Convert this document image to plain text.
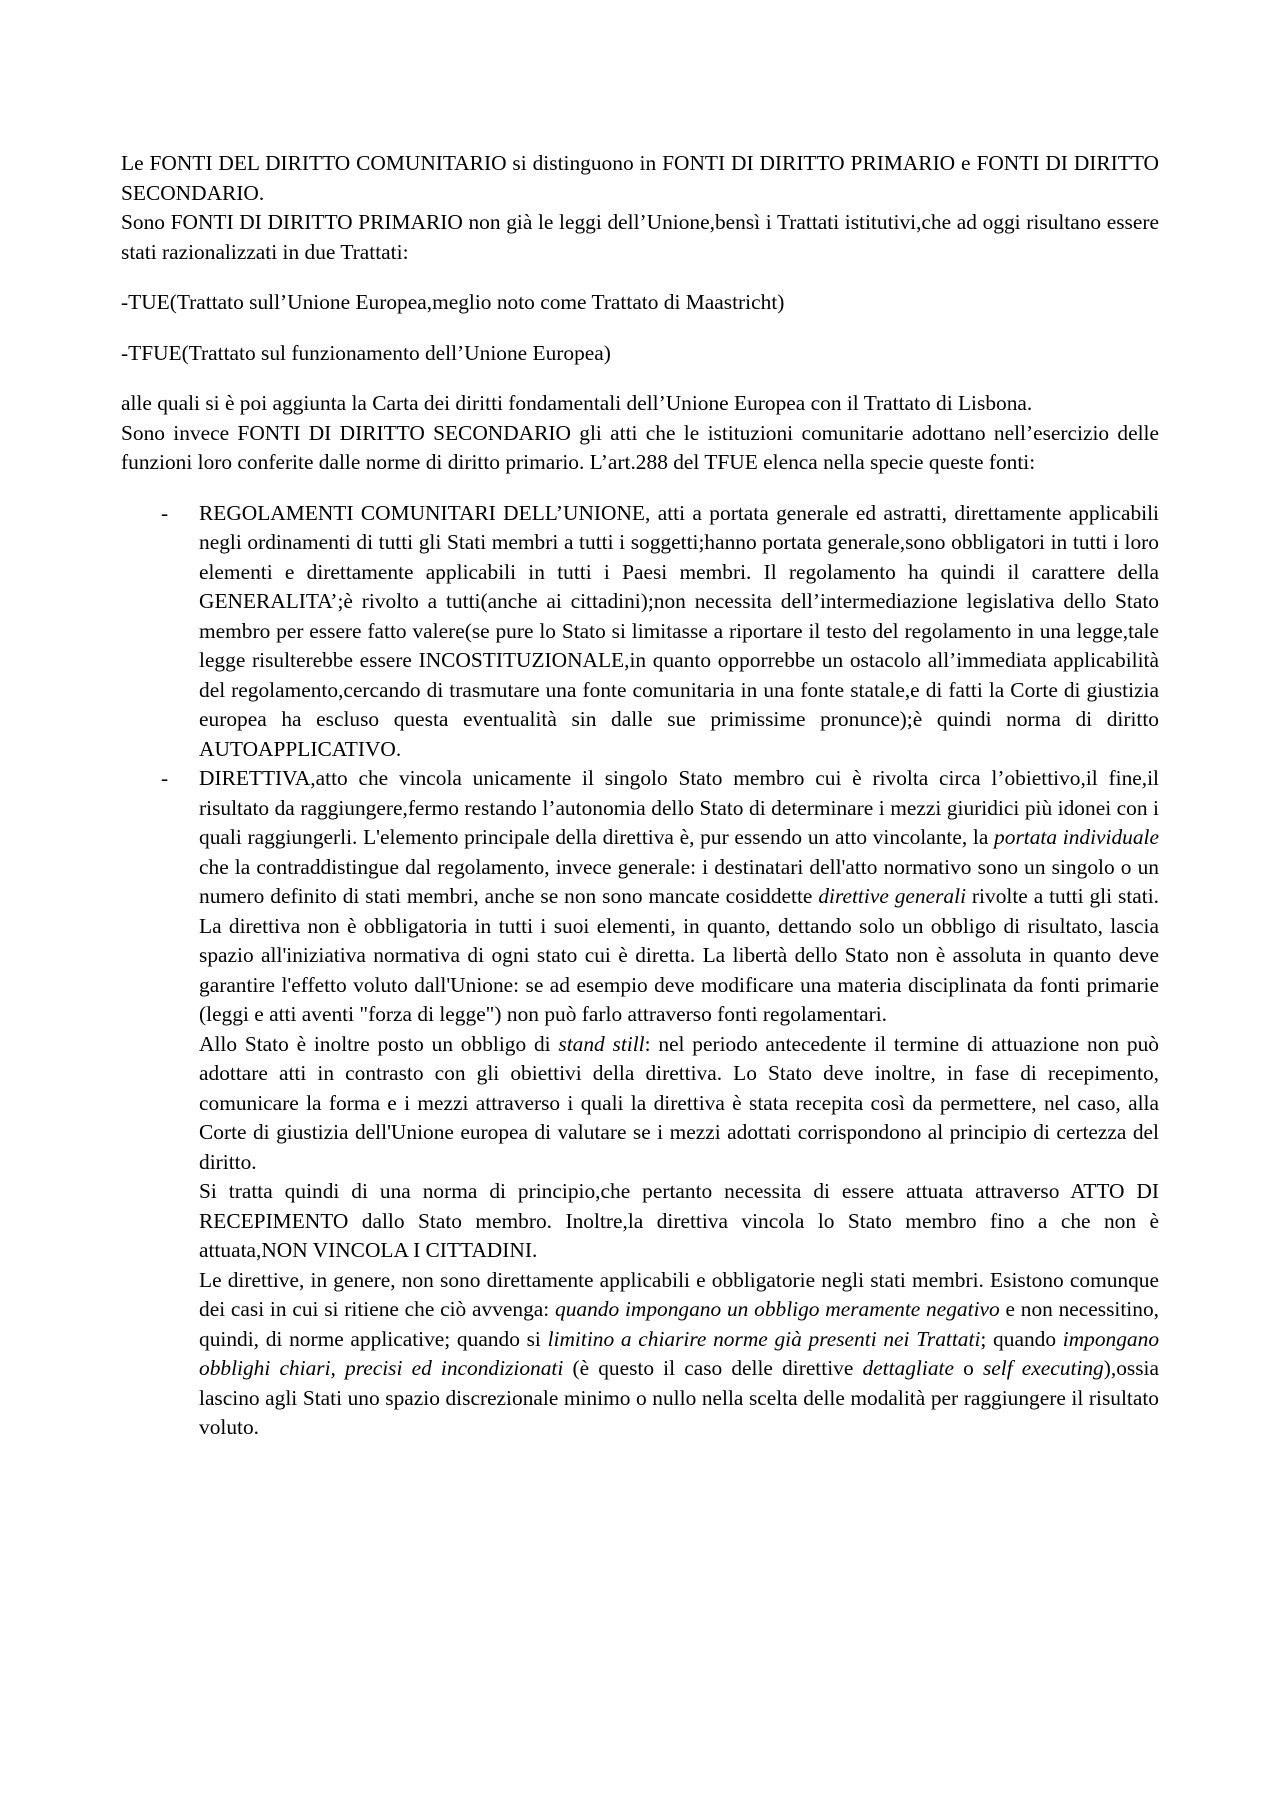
Le FONTI DEL DIRITTO COMUNITARIO si distinguono in FONTI DI DIRITTO PRIMARIO e FONTI DI DIRITTO SECONDARIO.

Sono FONTI DI DIRITTO PRIMARIO non già le leggi dell’Unione,bensì i Trattati istitutivi,che ad oggi risultano essere stati razionalizzati in due Trattati:

-TUE(Trattato sull’Unione Europea,meglio noto come Trattato di Maastricht)

-TFUE(Trattato sul funzionamento dell’Unione Europea)

alle quali si è poi aggiunta la Carta dei diritti fondamentali dell’Unione Europea con il Trattato di Lisbona.

Sono invece FONTI DI DIRITTO SECONDARIO gli atti che le istituzioni comunitarie adottano nell’esercizio delle funzioni loro conferite dalle norme di diritto primario. L’art.288 del TFUE elenca nella specie queste fonti:

- REGOLAMENTI COMUNITARI DELL’UNIONE, atti a portata generale ed astratti, direttamente applicabili negli ordinamenti di tutti gli Stati membri a tutti i soggetti;hanno portata generale,sono obbligatori in tutti i loro elementi e direttamente applicabili in tutti i Paesi membri. Il regolamento ha quindi il carattere della GENERALITA’;è rivolto a tutti(anche ai cittadini);non necessita dell’intermediazione legislativa dello Stato membro per essere fatto valere(se pure lo Stato si limitasse a riportare il testo del regolamento in una legge,tale legge risulterebbe essere INCOSTITUZIONALE,in quanto opporrebbe un ostacolo all’immediata applicabilità del regolamento,cercando di trasmutare una fonte comunitaria in una fonte statale,e di fatti la Corte di giustizia europea ha escluso questa eventualità sin dalle sue primissime pronunce);è quindi norma di diritto AUTOAPPLICATIVO.

- DIRETTIVA,atto che vincola unicamente il singolo Stato membro cui è rivolta circa l’obiettivo,il fine,il risultato da raggiungere,fermo restando l’autonomia dello Stato di determinare i mezzi giuridici più idonei con i quali raggiungerli. L'elemento principale della direttiva è, pur essendo un atto vincolante, la portata individuale che la contraddistingue dal regolamento, invece generale: i destinatari dell'atto normativo sono un singolo o un numero definito di stati membri, anche se non sono mancate cosiddette direttive generali rivolte a tutti gli stati. La direttiva non è obbligatoria in tutti i suoi elementi, in quanto, dettando solo un obbligo di risultato, lascia spazio all'iniziativa normativa di ogni stato cui è diretta. La libertà dello Stato non è assoluta in quanto deve garantire l'effetto voluto dall'Unione: se ad esempio deve modificare una materia disciplinata da fonti primarie (leggi e atti aventi "forza di legge") non può farlo attraverso fonti regolamentari.

Allo Stato è inoltre posto un obbligo di stand still: nel periodo antecedente il termine di attuazione non può adottare atti in contrasto con gli obiettivi della direttiva. Lo Stato deve inoltre, in fase di recepimento, comunicare la forma e i mezzi attraverso i quali la direttiva è stata recepita così da permettere, nel caso, alla Corte di giustizia dell'Unione europea di valutare se i mezzi adottati corrispondono al principio di certezza del diritto.

Si tratta quindi di una norma di principio,che pertanto necessita di essere attuata attraverso ATTO DI RECEPIMENTO dallo Stato membro. Inoltre,la direttiva vincola lo Stato membro fino a che non è attuata,NON VINCOLA I CITTADINI.

Le direttive, in genere, non sono direttamente applicabili e obbligatorie negli stati membri. Esistono comunque dei casi in cui si ritiene che ciò avvenga: quando impongano un obbligo meramente negativo e non necessitino, quindi, di norme applicative; quando si limitino a chiarire norme già presenti nei Trattati; quando impongano obblighi chiari, precisi ed incondizionati (è questo il caso delle direttive dettagliate o self executing),ossia lascino agli Stati uno spazio discrezionale minimo o nullo nella scelta delle modalità per raggiungere il risultato voluto.
